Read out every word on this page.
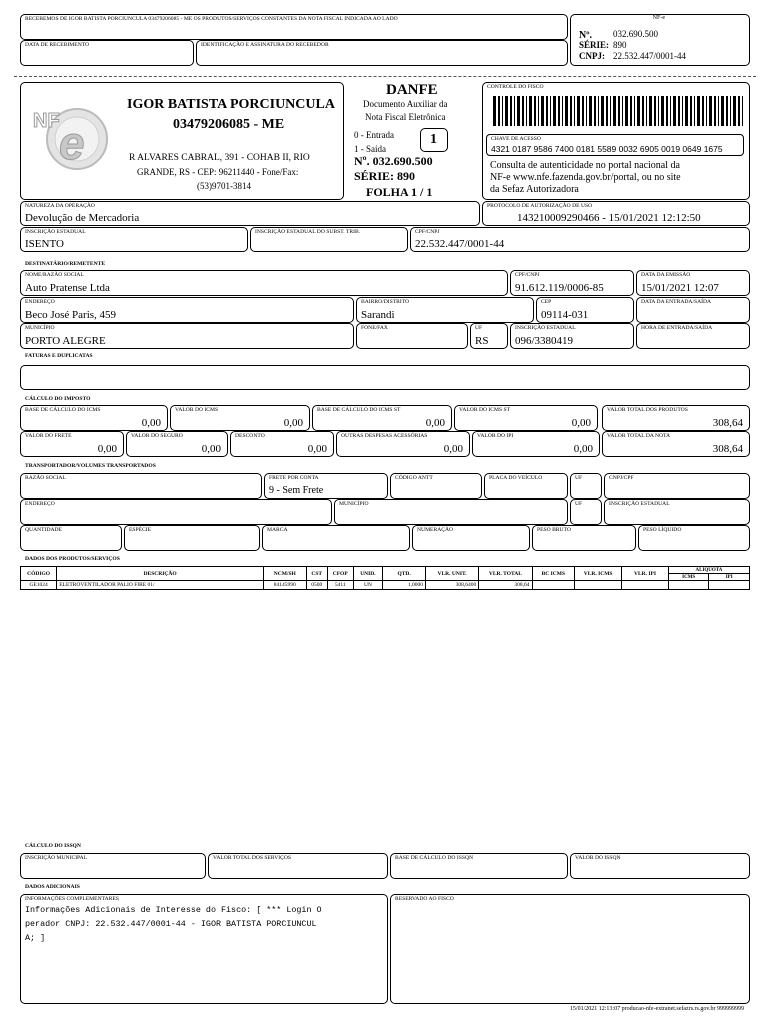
RECEBEMOS DE IGOR BATISTA PORCIUNCULA 03479206085 - ME OS PRODUTOS/SERVIÇOS CONSTANTES DA NOTA FISCAL INDICADA AO LADO
DATA DE RECEBIMENTO	IDENTIFICAÇÃO E ASSINATURA DO RECEBEDOR
NF-e
Nº. 032.690.500
SÉRIE: 890
CNPJ: 22.532.447/0001-44
NF e
IGOR BATISTA PORCIUNCULA
03479206085 - ME
R ALVARES CABRAL, 391 - COHAB II, RIO
GRANDE, RS - CEP: 96211440 - Fone/Fax:
(53)9701-3814
DANFE
Documento Auxiliar da
Nota Fiscal Eletrônica
0 - Entrada
1 - Saída
1
Nº. 032.690.500
SÉRIE: 890
FOLHA 1 / 1
CONTROLE DO FISCO
CHAVE DE ACESSO
4321 0187 9586 7400 0181 5589 0032 6905 0019 0649 1675
Consulta de autenticidade no portal nacional da
NF-e www.nfe.fazenda.gov.br/portal, ou no site
da Sefaz Autorizadora
NATUREZA DA OPERAÇÃO
Devolução de Mercadoria
PROTOCOLO DE AUTORIZAÇÃO DE USO
143210009290466 - 15/01/2021 12:12:50
INSCRIÇÃO ESTADUAL
ISENTO
INSCRIÇÃO ESTADUAL DO SUBST. TRIB.	CPF/CNPJ
22.532.447/0001-44
DESTINATÁRIO/REMETENTE
NOME/RAZÃO SOCIAL
Auto Pratense Ltda
CPF/CNPJ
91.612.119/0006-85
DATA DA EMISSÃO
15/01/2021 12:07
ENDEREÇO
Beco José Paris, 459
BAIRRO/DISTRITO
Sarandi
CEP
09114-031
DATA DA ENTRADA/SAÍDA
MUNICÍPIO
PORTO ALEGRE
FONE/FAX	UF
RS
INSCRIÇÃO ESTADUAL
096/3380419
HORA DE ENTRADA/SAÍDA
FATURAS E DUPLICATAS
CÁLCULO DO IMPOSTO
BASE DE CÁLCULO DO ICMS
0,00
VALOR DO ICMS
0,00
BASE DE CÁLCULO DO ICMS ST
0,00
VALOR DO ICMS ST
0,00
VALOR TOTAL DOS PRODUTOS
308,64
VALOR DO FRETE
0,00
VALOR DO SEGURO
0,00
DESCONTO
0,00
OUTRAS DESPESAS ACESSÓRIAS
0,00
VALOR DO IPI
0,00
VALOR TOTAL DA NOTA
308,64
TRANSPORTADOR/VOLUMES TRANSPORTADOS
RAZÃO SOCIAL	FRETE POR CONTA
9 - Sem Frete
CÓDIGO ANTT	PLACA DO VEÍCULO	UF	CNPJ/CPF
ENDEREÇO	MUNICÍPIO	UF	INSCRIÇÃO ESTADUAL
QUANTIDADE	ESPÉCIE	MARCA	NUMERAÇÃO	PESO BRUTO	PESO LÍQUIDO
DADOS DOS PRODUTOS/SERVIÇOS
CÓDIGO	DESCRIÇÃO	NCM/SH	CST	CFOP	UNID.	QTD.	VLR. UNIT.	VLR. TOTAL	BC ICMS	VLR. ICMS	VLR. IPI	ALÍQUOTA	
												ICMS	IPI
GE1024	ELETROVENTILADOR PALIO FIRE 01/	84145990	0500	5411	UN	1,0000	308,6400	308,64					
CÁLCULO DO ISSQN
INSCRIÇÃO MUNICIPAL	VALOR TOTAL DOS SERVIÇOS	BASE DE CÁLCULO DO ISSQN	VALOR DO ISSQN
DADOS ADICIONAIS
INFORMAÇÕES COMPLEMENTARES
Informações Adicionais de Interesse do Fisco: [ *** Login O
perador CNPJ: 22.532.447/0001-44 - IGOR BATISTA PORCIUNCUL
A; ]
RESERVADO AO FISCO
15/01/2021 12:13:07 producao-nfe-extranet.sefazrs.rs.gov.br 999999999
